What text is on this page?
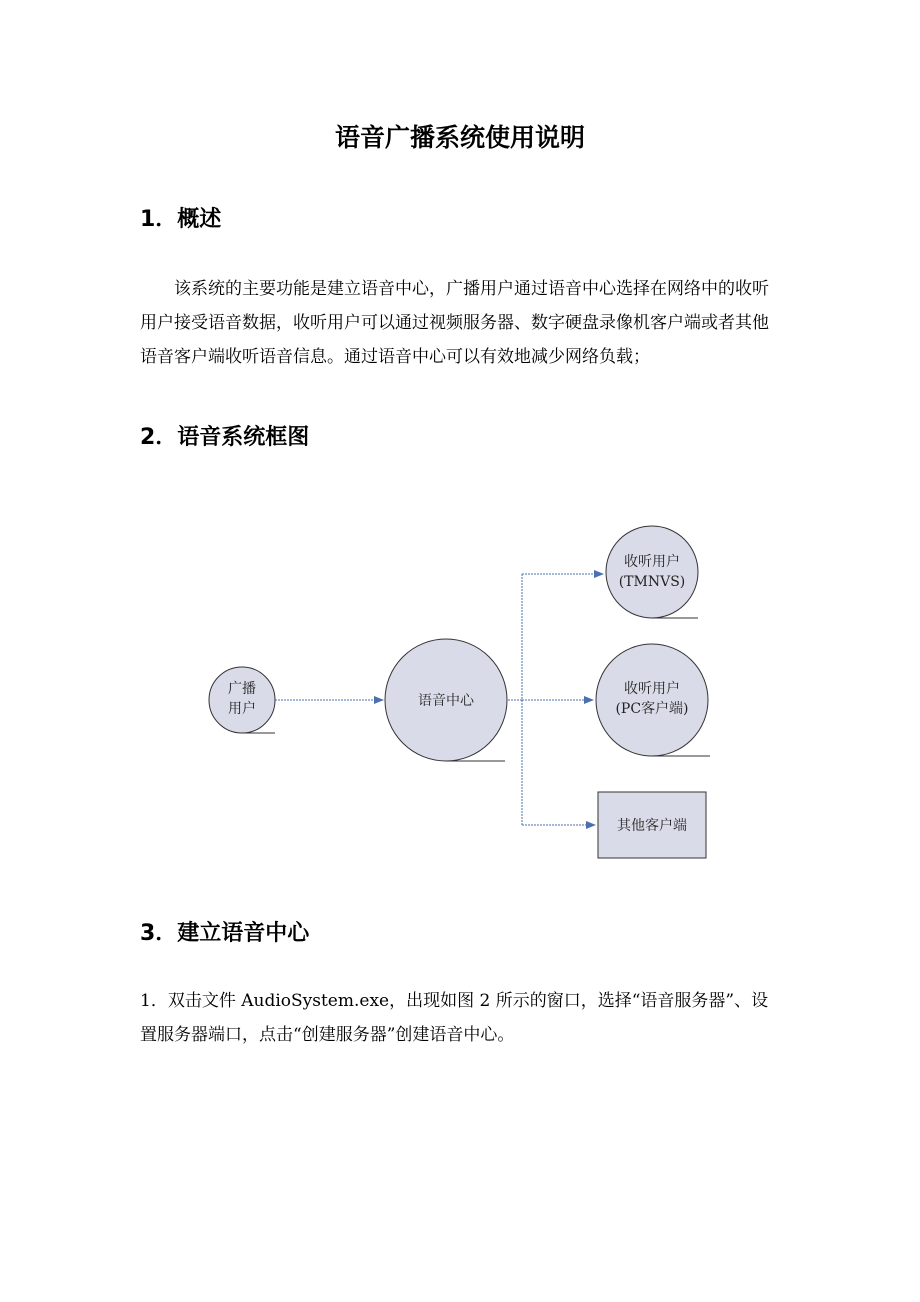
语音广播系统使用说明
1．概述
该系统的主要功能是建立语音中心，广播用户通过语音中心选择在网络中的收听用户接受语音数据，收听用户可以通过视频服务器、数字硬盘录像机客户端或者其他语音客户端收听语音信息。通过语音中心可以有效地减少网络负载；
2．语音系统框图
广播
用户	语音中心
收听用户
(TMNVS)
收听用户
(PC客户端)
其他客户端
3．建立语音中心
1．双击文件 AudioSystem.exe，出现如图 2 所示的窗口，选择“语音服务器”、设置服务器端口，点击“创建服务器”创建语音中心。
